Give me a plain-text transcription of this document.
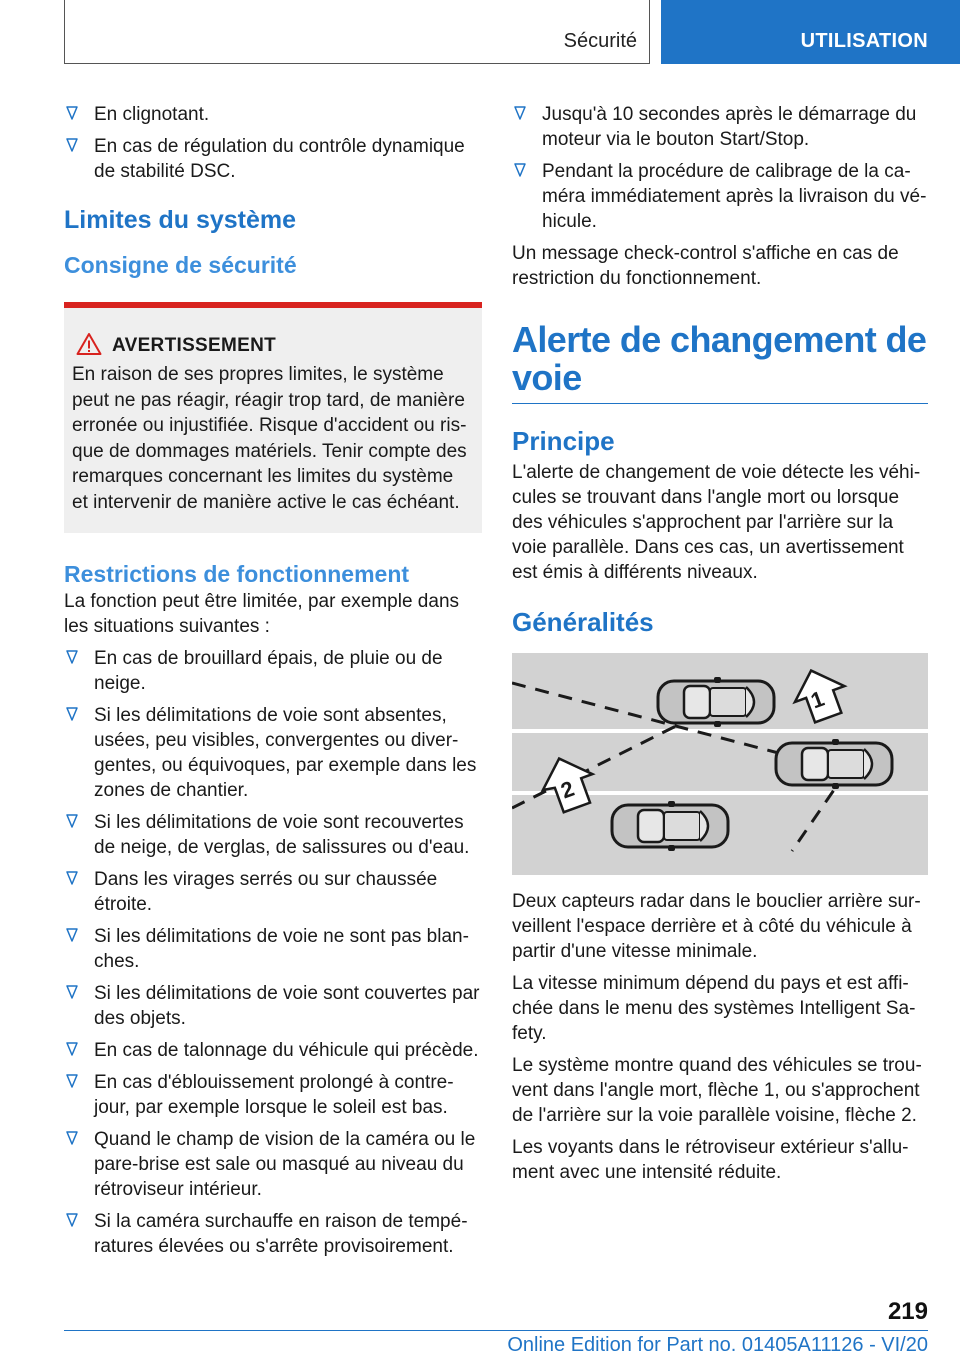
Sécurité	UTILISATION
En clignotant.
En cas de régulation du contrôle dynamique de stabilité DSC.
Limites du système
Consigne de sécurité
AVERTISSEMENT
En raison de ses propres limites, le système peut ne pas réagir, réagir trop tard, de manière erronée ou injustifiée. Risque d'accident ou risque de dommages matériels. Tenir compte des remarques concernant les limites du système et intervenir de manière active le cas échéant.
Restrictions de fonctionnement

La fonction peut être limitée, par exemple dans les situations suivantes :

En cas de brouillard épais, de pluie ou de neige.
Si les délimitations de voie sont absentes, usées, peu visibles, convergentes ou divergentes, ou équivoques, par exemple dans les zones de chantier.
Si les délimitations de voie sont recouvertes de neige, de verglas, de salissures ou d'eau.
Dans les virages serrés ou sur chaussée étroite.
Si les délimitations de voie ne sont pas blanches.
Si les délimitations de voie sont couvertes par des objets.
En cas de talonnage du véhicule qui précède.
En cas d'éblouissement prolongé à contre-jour, par exemple lorsque le soleil est bas.
Quand le champ de vision de la caméra ou le pare-brise est sale ou masqué au niveau du rétroviseur intérieur.
Si la caméra surchauffe en raison de températures élevées ou s'arrête provisoirement.
Jusqu'à 10 secondes après le démarrage du moteur via le bouton Start/Stop.
Pendant la procédure de calibrage de la caméra immédiatement après la livraison du véhicule.

Un message check-control s'affiche en cas de restriction du fonctionnement.

Alerte de changement de voie
Principe

L'alerte de changement de voie détecte les véhicules se trouvant dans l'angle mort ou lorsque des véhicules s'approchent par l'arrière sur la voie parallèle. Dans ces cas, un avertissement est émis à différents niveaux.

Généralités
1
2

Deux capteurs radar dans le bouclier arrière surveillent l'espace derrière et à côté du véhicule à partir d'une vitesse minimale.

La vitesse minimum dépend du pays et est affichée dans le menu des systèmes Intelligent Safety.

Le système montre quand des véhicules se trouvent dans l'angle mort, flèche 1, ou s'approchent de l'arrière sur la voie parallèle voisine, flèche 2.

Les voyants dans le rétroviseur extérieur s'allument avec une intensité réduite.

219
Online Edition for Part no. 01405A11126 - VI/20
